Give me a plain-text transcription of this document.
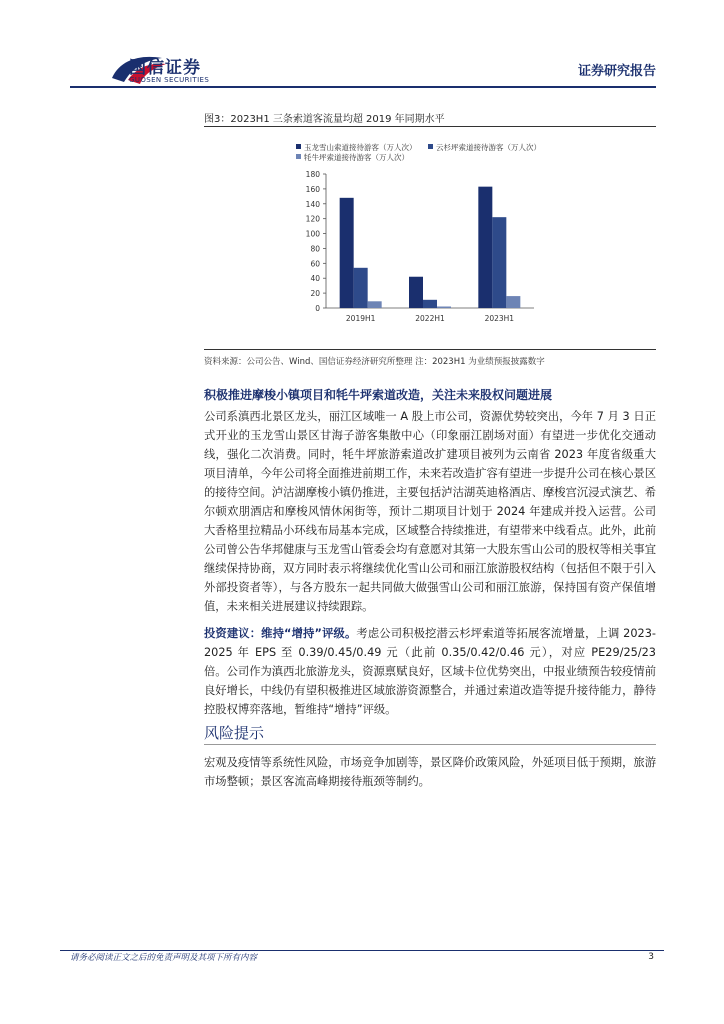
国信证券
GUOSEN SECURITIES
证券研究报告
图3：2023H1 三条索道客流量均超 2019 年同期水平
玉龙雪山索道接待游客（万人次）	云杉坪索道接待游客（万人次）
牦牛坪索道接待游客（万人次）
0
20
40
60
80
100
120
140
160
180
2019H1	2022H1	2023H1
资料来源：公司公告、Wind、国信证券经济研究所整理 注：2023H1 为业绩预报披露数字
积极推进摩梭小镇项目和牦牛坪索道改造，关注未来股权问题进展

公司系滇西北景区龙头，丽江区域唯一 A 股上市公司，资源优势较突出，今年 7 月 3 日正式开业的玉龙雪山景区甘海子游客集散中心（印象丽江剧场对面）有望进一步优化交通动线，强化二次消费。同时，牦牛坪旅游索道改扩建项目被列为云南省 2023 年度省级重大项目清单，今年公司将全面推进前期工作，未来若改造扩容有望进一步提升公司在核心景区的接待空间。泸沽湖摩梭小镇仍推进，主要包括泸沽湖英迪格酒店、摩梭宫沉浸式演艺、希尔顿欢朋酒店和摩梭风情休闲街等，预计二期项目计划于 2024 年建成并投入运营。公司大香格里拉精品小环线布局基本完成，区域整合持续推进，有望带来中线看点。此外，此前公司曾公告华邦健康与玉龙雪山管委会均有意愿对其第一大股东雪山公司的股权等相关事宜继续保持协商，双方同时表示将继续优化雪山公司和丽江旅游股权结构（包括但不限于引入外部投资者等），与各方股东一起共同做大做强雪山公司和丽江旅游，保持国有资产保值增值，未来相关进展建议持续跟踪。

投资建议：维持“增持”评级。考虑公司积极挖潜云杉坪索道等拓展客流增量，上调 2023-2025 年 EPS 至 0.39/0.45/0.49 元（此前 0.35/0.42/0.46 元），对应 PE29/25/23 倍。公司作为滇西北旅游龙头，资源禀赋良好，区域卡位优势突出，中报业绩预告较疫情前良好增长，中线仍有望积极推进区域旅游资源整合，并通过索道改造等提升接待能力，静待控股权博弈落地，暂维持“增持”评级。

风险提示

宏观及疫情等系统性风险，市场竞争加剧等，景区降价政策风险，外延项目低于预期，旅游市场整顿；景区客流高峰期接待瓶颈等制约。

请务必阅读正文之后的免责声明及其项下所有内容	3
